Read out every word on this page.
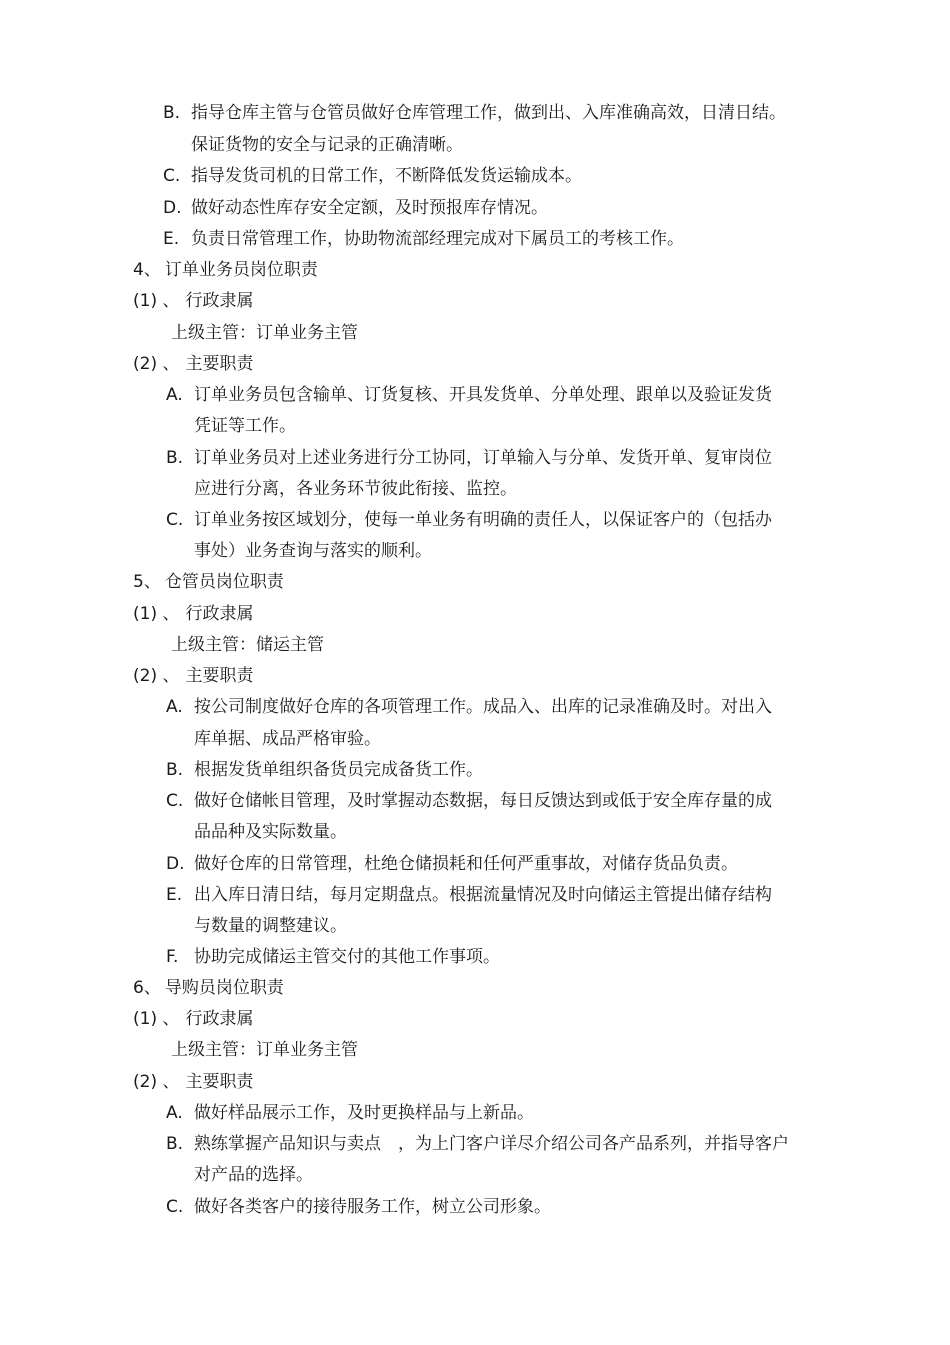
B. 指导仓库主管与仓管员做好仓库管理工作，做到出、入库准确高效，日清日结。
保证货物的安全与记录的正确清晰。
C. 指导发货司机的日常工作，不断降低发货运输成本。
D. 做好动态性库存安全定额，及时预报库存情况。
E. 负责日常管理工作，协助物流部经理完成对下属员工的考核工作。
4、 订单业务员岗位职责
(1) 、 行政隶属
上级主管：订单业务主管
(2) 、 主要职责
A. 订单业务员包含输单、订货复核、开具发货单、分单处理、跟单以及验证发货
凭证等工作。
B. 订单业务员对上述业务进行分工协同，订单输入与分单、发货开单、复审岗位
应进行分离，各业务环节彼此衔接、监控。
C. 订单业务按区域划分，使每一单业务有明确的责任人，以保证客户的（包括办
事处）业务查询与落实的顺利。
5、 仓管员岗位职责
(1) 、 行政隶属
上级主管：储运主管
(2) 、 主要职责
A. 按公司制度做好仓库的各项管理工作。成品入、出库的记录准确及时。对出入
库单据、成品严格审验。
B. 根据发货单组织备货员完成备货工作。
C. 做好仓储帐目管理，及时掌握动态数据，每日反馈达到或低于安全库存量的成
品品种及实际数量。
D. 做好仓库的日常管理，杜绝仓储损耗和任何严重事故，对储存货品负责。
E. 出入库日清日结，每月定期盘点。根据流量情况及时向储运主管提出储存结构
与数量的调整建议。
F. 协助完成储运主管交付的其他工作事项。
6、 导购员岗位职责
(1) 、 行政隶属
上级主管：订单业务主管
(2) 、 主要职责
A. 做好样品展示工作，及时更换样品与上新品。
B. 熟练掌握产品知识与卖点　，为上门客户详尽介绍公司各产品系列，并指导客户
对产品的选择。
C. 做好各类客户的接待服务工作，树立公司形象。
